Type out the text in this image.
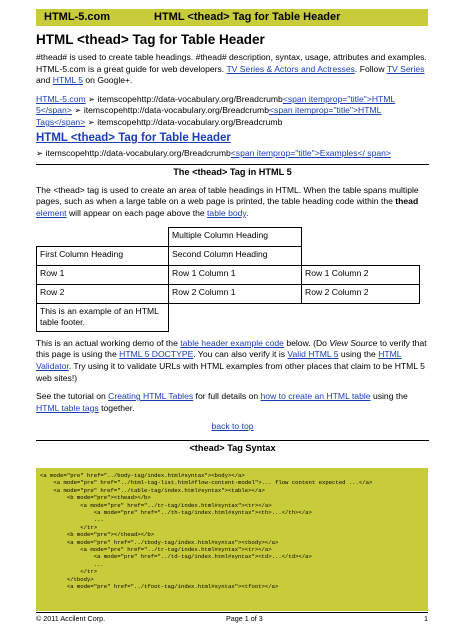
HTML-5.com	HTML <thead> Tag for Table Header
HTML <thead> Tag for Table Header

#thead# is used to create table headings. #thead# description, syntax, usage, attributes and examples. HTML-5.com is a great guide for web developers. TV Series & Actors and Actresses. Follow TV Series and HTML 5 on Google+.

HTML-5.com ➢ itemscopehttp://data-vocabulary.org/Breadcrumb<span itemprop="title">HTML 5</span> ➢ itemscopehttp://data-vocabulary.org/Breadcrumb<span itemprop="title">HTML Tags</span> ➢ itemscopehttp://data-vocabulary.org/Breadcrumb
HTML <thead> Tag for Table Header
➢ itemscopehttp://data-vocabulary.org/Breadcrumb<span itemprop="title">Examples</ span>
The <thead> Tag in HTML 5

The <thead> tag is used to create an area of table headings in HTML. When the table spans multiple pages, such as when a large table on a web page is printed, the table heading code within the thead element will appear on each page above the table body.

	Multiple Column Heading	
First Column Heading	Second Column Heading	
Row 1	Row 1 Column 1	Row 1 Column 2
Row 2	Row 2 Column 1	Row 2 Column 2
This is an example of an HTML table footer.		

This is an actual working demo of the table header example code below. (Do View Source to verify that this page is using the HTML 5 DOCTYPE. You can also verify it is Valid HTML 5 using the HTML Validator. Try using it to validate URLs with HTML examples from other places that claim to be HTML 5 web sites!)

See the tutorial on Creating HTML Tables for full details on how to create an HTML table using the HTML table tags together.

back to top
<thead> Tag Syntax
<a mode="pre" href="../body-tag/index.html#syntax"><body></a>
<a mode="pre" href="../html-tag-list.html#flow-content-model">... flow content expected ...</a>
<a mode="pre" href="../table-tag/index.html#syntax"><table></a>
<b mode="pre"><thead></b>
<a mode="pre" href="../tr-tag/index.html#syntax"><tr></a>
<a mode="pre" href="../th-tag/index.html#syntax"><th>...</th></a>
...
</tr>
<b mode="pre"></thead></b>
<a mode="pre" href="../tbody-tag/index.html#syntax"><tbody></a>
<a mode="pre" href="../tr-tag/index.html#syntax"><tr></a>
<a mode="pre" href="../td-tag/index.html#syntax"><td>...</td></a>
...
</tr>
</tbody>
<a mode="pre" href="../tfoot-tag/index.html#syntax"><tfoot></a>
© 2011 Accilent Corp.	Page 1 of 3	1
